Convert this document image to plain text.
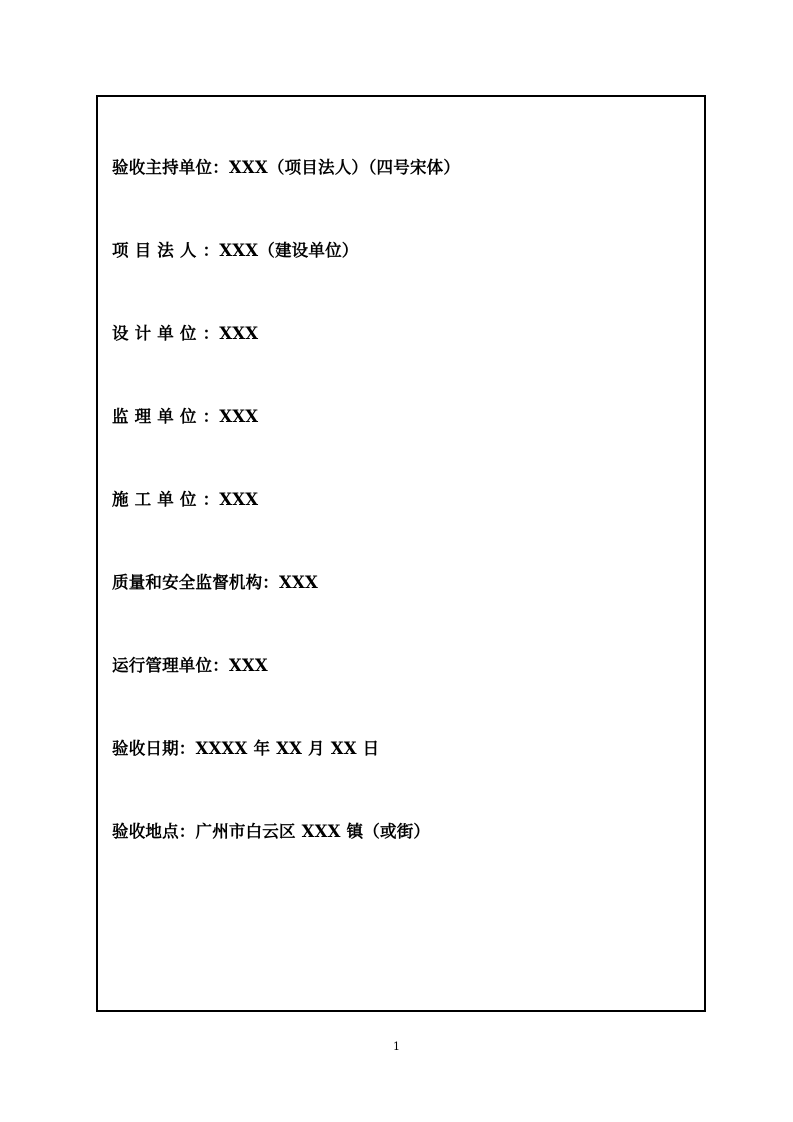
验收主持单位：XXX（项目法人）（四号宋体）
项 目 法 人 ：XXX（建设单位）
设 计 单 位 ：XXX
监 理 单 位 ：XXX
施 工 单 位 ：XXX
质量和安全监督机构：XXX
运行管理单位：XXX
验收日期：XXXX 年 XX 月 XX 日
验收地点：广州市白云区 XXX 镇（或街）
1
